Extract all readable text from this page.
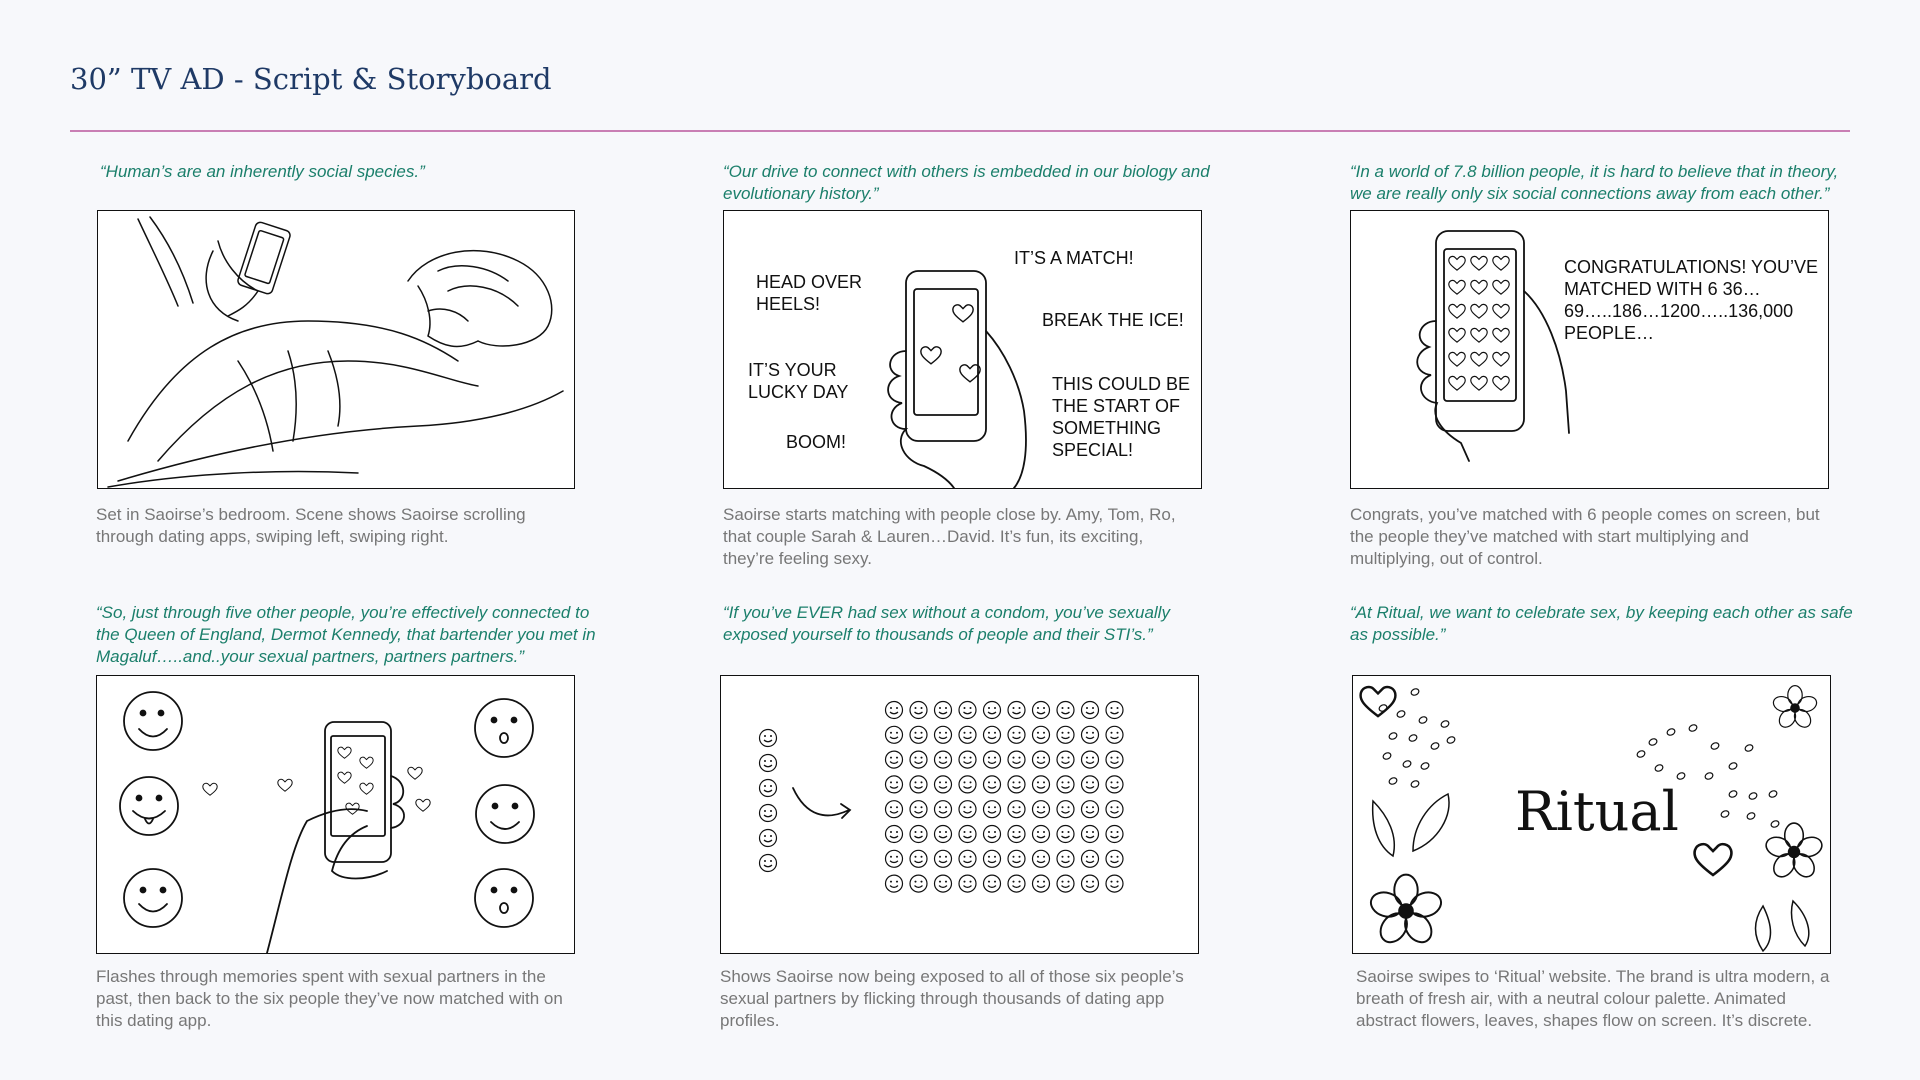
30” TV AD - Script & Storyboard
“Human’s are an inherently social species.”
Set in Saoirse’s bedroom. Scene shows Saoirse scrolling through dating apps, swiping left, swiping right.
“Our drive to connect with others is embedded in our biology and evolutionary history.”
HEAD OVER HEELS!
IT’S A MATCH!
BREAK THE ICE!
IT’S YOUR LUCKY DAY	THIS COULD BE THE START OF SOMETHING SPECIAL!
BOOM!
Saoirse starts matching with people close by. Amy, Tom, Ro, that couple Sarah & Lauren…David. It’s fun, its exciting, they’re feeling sexy.
“In a world of 7.8 billion people, it is hard to believe that in theory, we are really only six social connections away from each other.”
CONGRATULATIONS! YOU’VE MATCHED WITH 6 36…69…..186…1200…..136,000 PEOPLE…
Congrats, you’ve matched with 6 people comes on screen, but the people they’ve matched with start multiplying and multiplying, out of control.
“So, just through five other people, you’re effectively connected to the Queen of England, Dermot Kennedy, that bartender you met in Magaluf…..and..your sexual partners, partners partners.”
Flashes through memories spent with sexual partners in the past, then back to the six people they’ve now matched with on this dating app.
“If you’ve EVER had sex without a condom, you’ve sexually exposed yourself to thousands of people and their STI’s.”
Shows Saoirse now being exposed to all of those six people’s sexual partners by flicking through thousands of dating app profiles.
“At Ritual, we want to celebrate sex, by keeping each other as safe as possible.”
Ritual
Saoirse swipes to ‘Ritual’ website. The brand is ultra modern, a breath of fresh air, with a neutral colour palette. Animated abstract flowers, leaves, shapes flow on screen. It’s discrete.
